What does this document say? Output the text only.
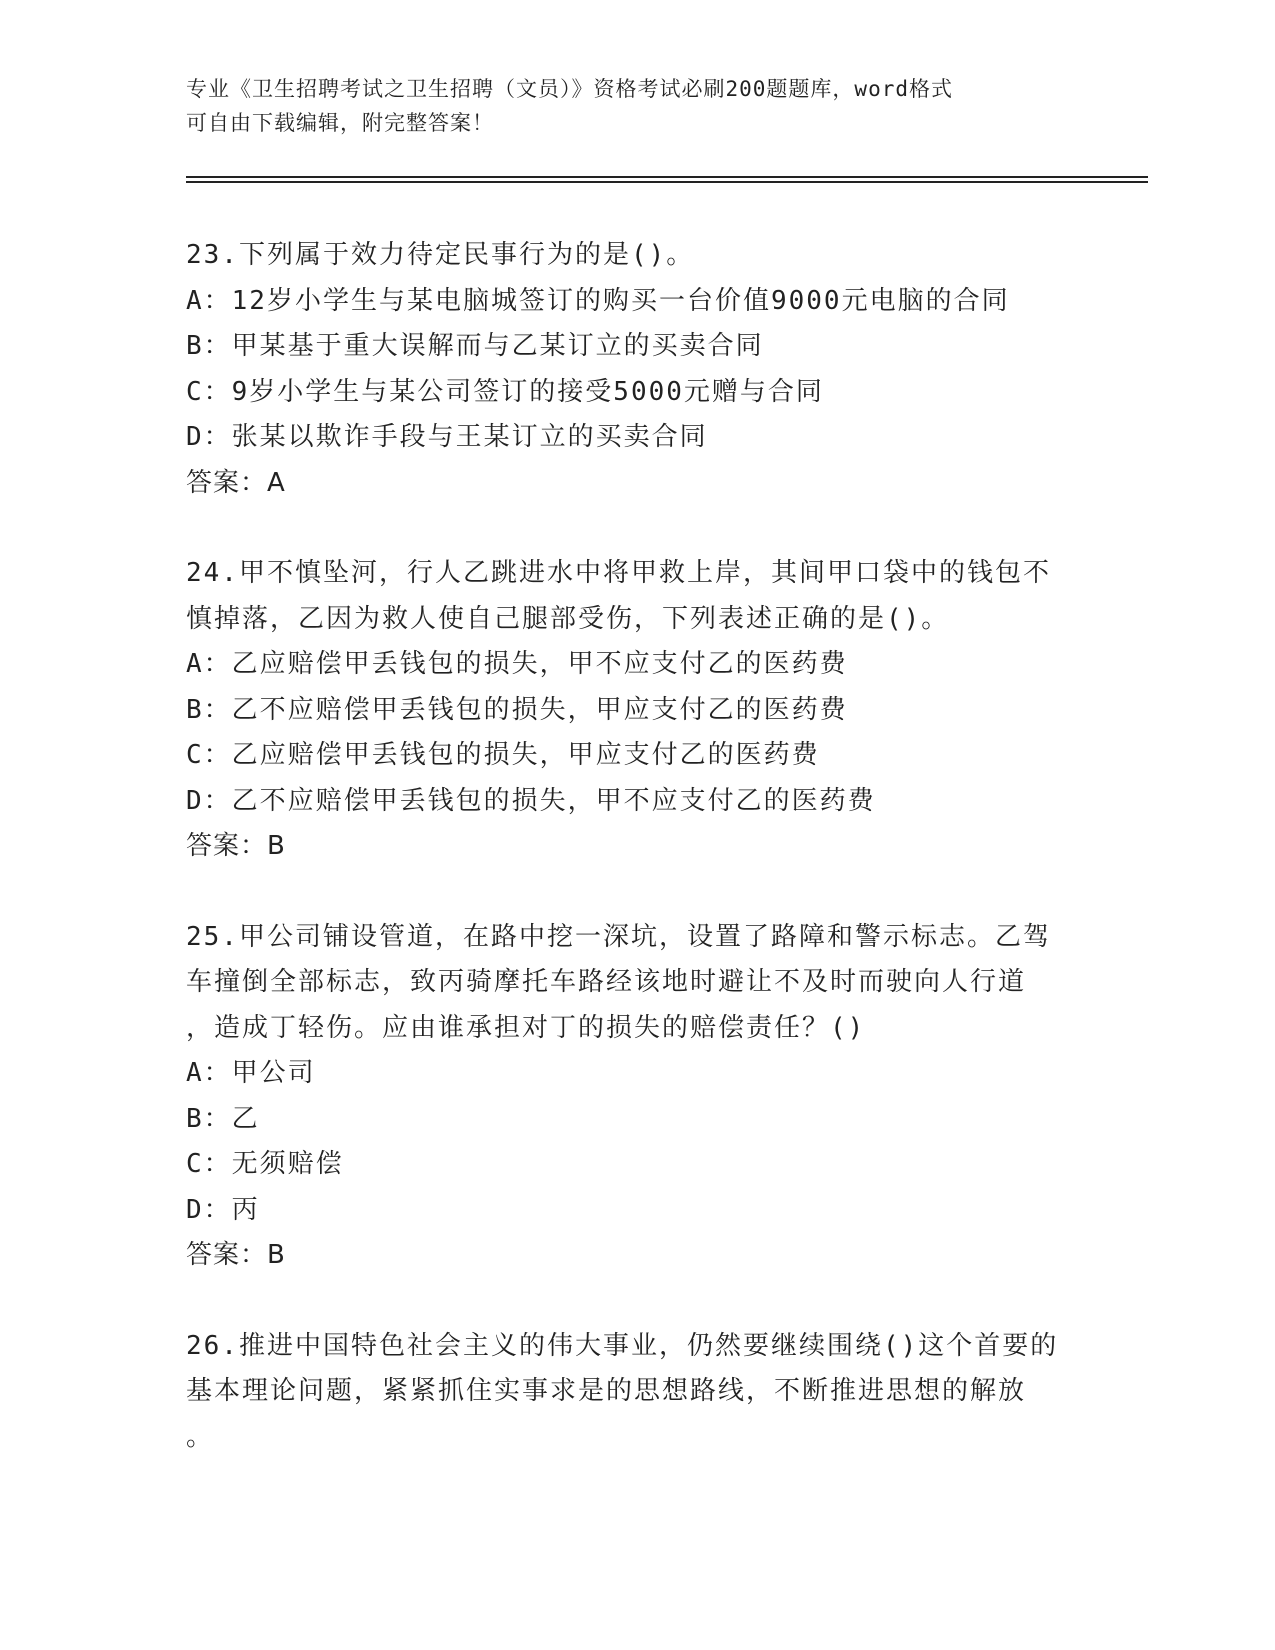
专业《卫生招聘考试之卫生招聘（文员）》资格考试必刷200题题库，word格式
可自由下载编辑，附完整答案！

23.下列属于效力待定民事行为的是()。

A：12岁小学生与某电脑城签订的购买一台价值9000元电脑的合同

B：甲某基于重大误解而与乙某订立的买卖合同

C：9岁小学生与某公司签订的接受5000元赠与合同

D：张某以欺诈手段与王某订立的买卖合同

答案：A

24.甲不慎坠河，行人乙跳进水中将甲救上岸，其间甲口袋中的钱包不

慎掉落，乙因为救人使自己腿部受伤，下列表述正确的是()。

A：乙应赔偿甲丢钱包的损失，甲不应支付乙的医药费

B：乙不应赔偿甲丢钱包的损失，甲应支付乙的医药费

C：乙应赔偿甲丢钱包的损失，甲应支付乙的医药费

D：乙不应赔偿甲丢钱包的损失，甲不应支付乙的医药费

答案：B

25.甲公司铺设管道，在路中挖一深坑，设置了路障和警示标志。乙驾

车撞倒全部标志，致丙骑摩托车路经该地时避让不及时而驶向人行道

，造成丁轻伤。应由谁承担对丁的损失的赔偿责任？()

A：甲公司

B：乙

C：无须赔偿

D：丙

答案：B

26.推进中国特色社会主义的伟大事业，仍然要继续围绕()这个首要的

基本理论问题，紧紧抓住实事求是的思想路线，不断推进思想的解放

。
